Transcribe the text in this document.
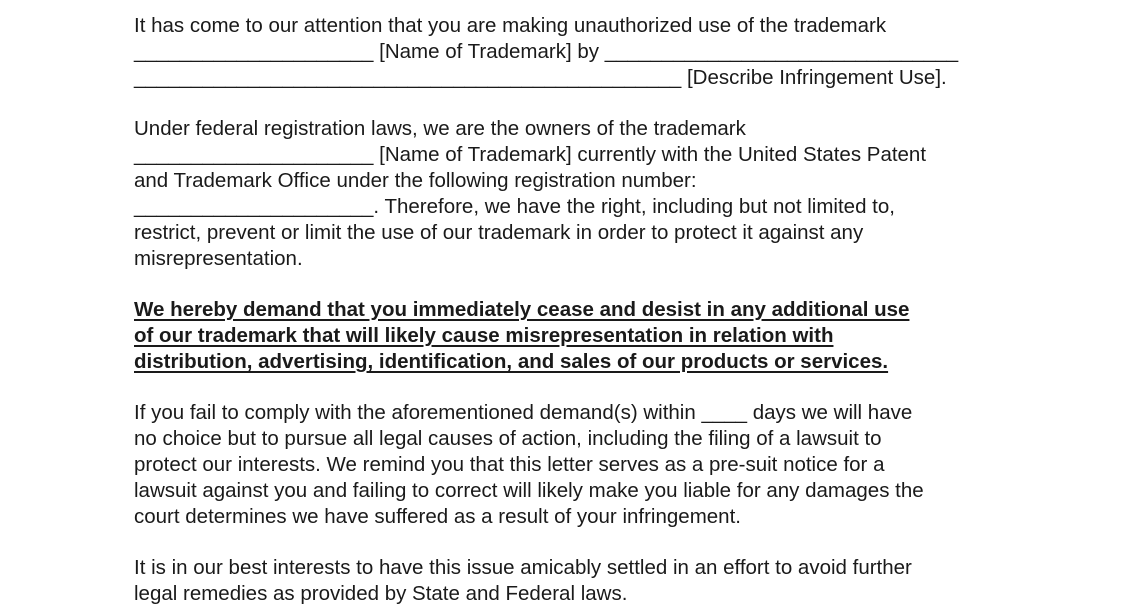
It has come to our attention that you are making unauthorized use of the trademark
_____________________ [Name of Trademark] by _______________________________
________________________________________________ [Describe Infringement Use].
Under federal registration laws, we are the owners of the trademark
_____________________ [Name of Trademark] currently with the United States Patent
and Trademark Office under the following registration number:
_____________________. Therefore, we have the right, including but not limited to,
restrict, prevent or limit the use of our trademark in order to protect it against any
misrepresentation.
We hereby demand that you immediately cease and desist in any additional use
of our trademark that will likely cause misrepresentation in relation with
distribution, advertising, identification, and sales of our products or services.
If you fail to comply with the aforementioned demand(s) within ____ days we will have
no choice but to pursue all legal causes of action, including the filing of a lawsuit to
protect our interests. We remind you that this letter serves as a pre-suit notice for a
lawsuit against you and failing to correct will likely make you liable for any damages the
court determines we have suffered as a result of your infringement.
It is in our best interests to have this issue amicably settled in an effort to avoid further
legal remedies as provided by State and Federal laws.
